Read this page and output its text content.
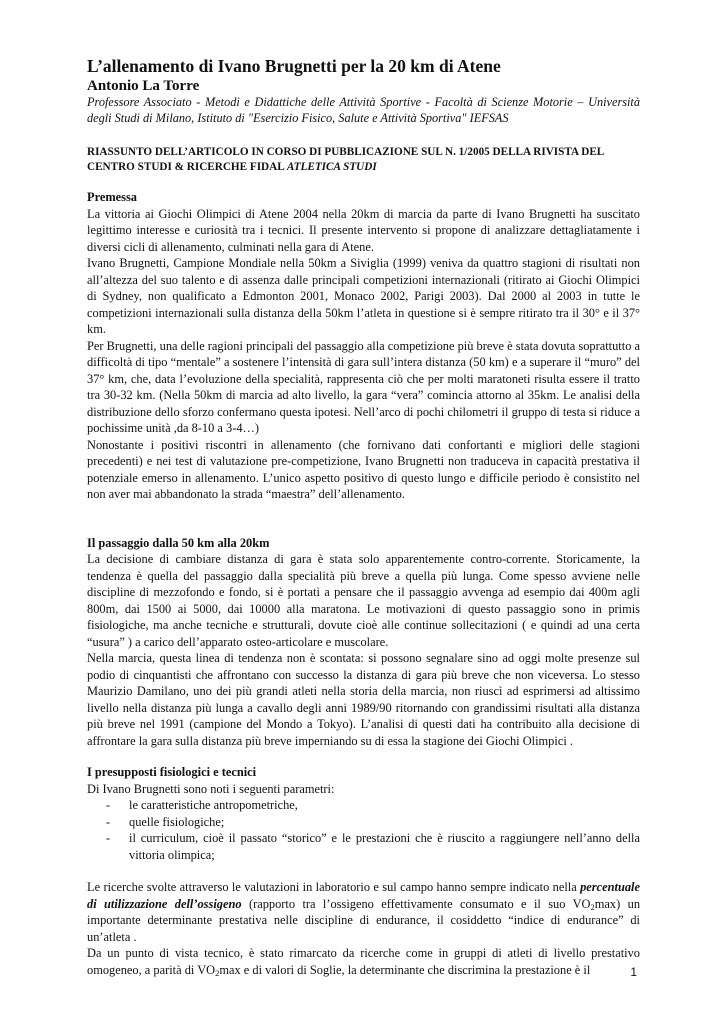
L’allenamento di Ivano Brugnetti per la 20 km di Atene
Antonio La Torre
Professore Associato - Metodi e Didattiche delle Attività Sportive - Facoltà di Scienze Motorie – Università degli Studi di Milano, Istituto di "Esercizio Fisico, Salute e Attività Sportiva" IEFSAS
RIASSUNTO DELL’ARTICOLO IN CORSO DI PUBBLICAZIONE SUL N. 1/2005 DELLA RIVISTA DEL CENTRO STUDI & RICERCHE FIDAL ATLETICA STUDI
Premessa

La vittoria ai Giochi Olimpici di Atene 2004 nella 20km di marcia da parte di Ivano Brugnetti ha suscitato legittimo interesse e curiosità tra i tecnici. Il presente intervento si propone di analizzare dettagliatamente i diversi cicli di allenamento, culminati nella gara di Atene.

Ivano Brugnetti, Campione Mondiale nella 50km a Siviglia (1999) veniva da quattro stagioni di risultati non all’altezza del suo talento e di assenza dalle principali competizioni internazionali (ritirato ai Giochi Olimpici di Sydney, non qualificato a Edmonton 2001, Monaco 2002, Parigi 2003). Dal 2000 al 2003 in tutte le competizioni internazionali sulla distanza della 50km l’atleta in questione si è sempre ritirato tra il 30° e il 37° km.

Per Brugnetti, una delle ragioni principali del passaggio alla competizione più breve è stata dovuta soprattutto a difficoltà di tipo “mentale” a sostenere l’intensità di gara sull’intera distanza (50 km) e a superare il “muro” del 37° km, che, data l’evoluzione della specialità, rappresenta ciò che per molti maratoneti risulta essere il tratto tra 30-32 km. (Nella 50km di marcia ad alto livello, la gara “vera” comincia attorno al 35km. Le analisi della distribuzione dello sforzo confermano questa ipotesi. Nell’arco di pochi chilometri il gruppo di testa si riduce a pochissime unità ,da 8-10 a 3-4…)

Nonostante i positivi riscontri in allenamento (che fornivano dati confortanti e migliori delle stagioni precedenti) e nei test di valutazione pre-competizione, Ivano Brugnetti non traduceva in capacità prestativa il potenziale emerso in allenamento. L’unico aspetto positivo di questo lungo e difficile periodo è consistito nel non aver mai abbandonato la strada “maestra” dell’allenamento.

Il passaggio dalla 50 km alla 20km

La decisione di cambiare distanza di gara è stata solo apparentemente contro-corrente. Storicamente, la tendenza è quella del passaggio dalla specialità più breve a quella più lunga. Come spesso avviene nelle discipline di mezzofondo e fondo, si è portati a pensare che il passaggio avvenga ad esempio dai 400m agli 800m, dai 1500 ai 5000, dai 10000 alla maratona. Le motivazioni di questo passaggio sono in primis fisiologiche, ma anche tecniche e strutturali, dovute cioè alle continue sollecitazioni ( e quindi ad una certa “usura” ) a carico dell’apparato osteo-articolare e muscolare.

Nella marcia, questa linea di tendenza non è scontata: si possono segnalare sino ad oggi molte presenze sul podio di cinquantisti che affrontano con successo la distanza di gara più breve che non viceversa. Lo stesso Maurizio Damilano, uno dei più grandi atleti nella storia della marcia, non riuscì ad esprimersi ad altissimo livello nella distanza più lunga a cavallo degli anni 1989/90 ritornando con grandissimi risultati alla distanza più breve nel 1991 (campione del Mondo a Tokyo). L’analisi di questi dati ha contribuito alla decisione di affrontare la gara sulla distanza più breve imperniando su di essa la stagione dei Giochi Olimpici .

I presupposti fisiologici e tecnici

Di Ivano Brugnetti sono noti i seguenti parametri:

- le caratteristiche antropometriche,
- quelle fisiologiche;
- il curriculum, cioè il passato “storico” e le prestazioni che è riuscito a raggiungere nell’anno della vittoria olimpica;

Le ricerche svolte attraverso le valutazioni in laboratorio e sul campo hanno sempre indicato nella percentuale di utilizzazione dell’ossigeno (rapporto tra l’ossigeno effettivamente consumato e il suo $VO_2\max$) un importante determinante prestativa nelle discipline di endurance, il cosiddetto “indice di endurance” di un’atleta .

Da un punto di vista tecnico, è stato rimarcato da ricerche come in gruppi di atleti di livello prestativo omogeneo, a parità di $VO_2\max$ e di valori di Soglie, la determinante che discrimina la prestazione è il	1
